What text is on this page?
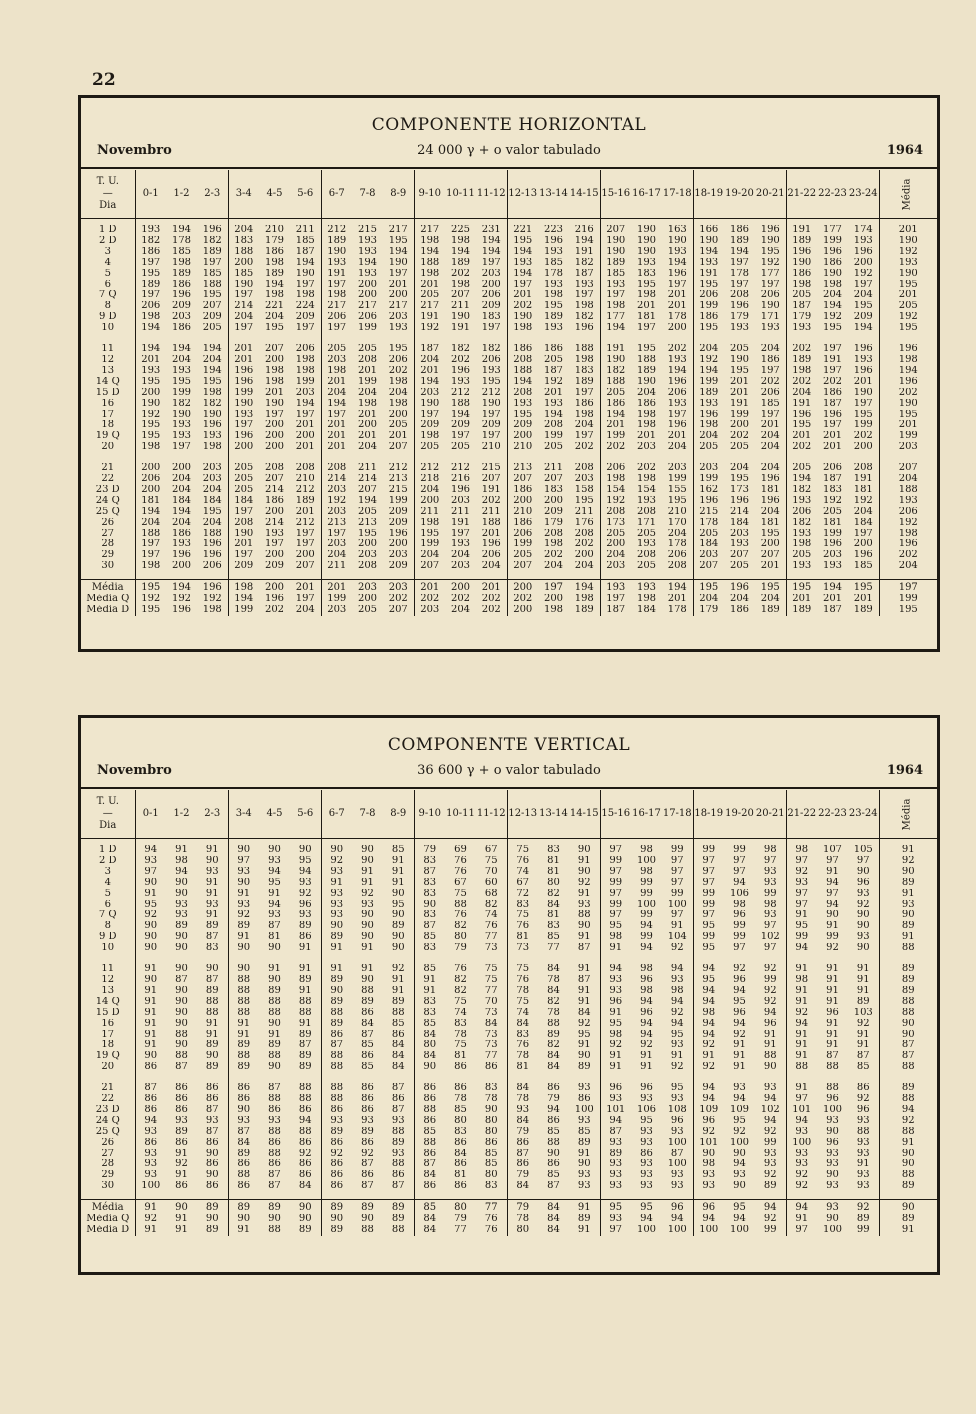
22
COMPONENTE HORIZONTAL
Novembro	24 000 γ + o valor tabulado	1964
T. U.
—
Dia	0-1	1-2	2-3	3-4	4-5	5-6	6-7	7-8	8-9	9-10	10-11	11-12	12-13	13-14	14-15	15-16	16-17	17-18	18-19	19-20	20-21	21-22	22-23	23-24	Média

1 D	193	194	196	204	210	211	212	215	217	217	225	231	221	223	216	207	190	163	166	186	196	191	177	174	201
2 D	182	178	182	183	179	185	189	193	195	198	198	194	195	196	194	190	190	190	190	189	190	189	199	193	190
3	186	185	189	188	186	187	190	193	194	194	194	194	194	193	191	190	190	193	194	194	195	196	196	196	192
4	197	198	197	200	198	194	193	194	190	188	189	197	193	185	182	189	193	194	193	197	192	190	186	200	193
5	195	189	185	185	189	190	191	193	197	198	202	203	194	178	187	185	183	196	191	178	177	186	190	192	190
6	189	186	188	190	194	197	197	200	201	201	198	200	197	193	193	193	195	197	195	197	197	198	198	197	195
7 Q	197	196	195	197	198	198	198	200	200	205	207	206	201	198	197	197	198	201	206	208	206	205	204	204	201
8	206	209	207	214	221	224	217	217	217	217	211	209	202	195	198	198	201	201	199	196	190	187	194	195	205
9 D	198	203	209	204	204	209	206	206	203	191	190	183	190	189	182	177	181	178	186	179	171	179	192	209	192
10	194	186	205	197	195	197	197	199	193	192	191	197	198	193	196	194	197	200	195	193	193	193	195	194	195

11	194	194	194	201	207	206	205	205	195	187	182	182	186	186	188	191	195	202	204	205	204	202	197	196	196
12	201	204	204	201	200	198	203	208	206	204	202	206	208	205	198	190	188	193	192	190	186	189	191	193	198
13	193	193	194	196	198	198	198	201	202	201	196	193	188	187	183	182	189	194	194	195	197	198	197	196	194
14 Q	195	195	195	196	198	199	201	199	198	194	193	195	194	192	189	188	190	196	199	201	202	202	202	201	196
15 D	200	199	198	199	201	203	204	204	204	203	212	212	208	201	197	205	204	206	189	201	206	204	186	190	202
16	190	182	182	190	190	194	194	198	198	190	188	190	193	193	186	186	186	193	193	191	185	191	187	197	190
17	192	190	190	193	197	197	197	201	200	197	194	197	195	194	198	194	198	197	196	199	197	196	196	195	195
18	195	193	196	197	200	201	201	200	205	209	209	209	209	208	204	201	198	196	198	200	201	195	197	199	201
19 Q	195	193	193	196	200	200	201	201	201	198	197	197	200	199	197	199	201	201	204	202	204	201	201	202	199
20	198	197	198	200	200	201	201	204	207	205	205	210	210	205	202	202	203	204	205	205	204	202	201	200	203

21	200	200	203	205	208	208	208	211	212	212	212	215	213	211	208	206	202	203	203	204	204	205	206	208	207
22	206	204	203	205	207	210	214	214	213	218	216	207	207	207	203	198	198	199	199	195	196	194	187	191	204
23 D	200	204	204	205	214	212	203	207	215	204	196	191	186	183	158	154	154	155	162	173	181	182	183	181	188
24 Q	181	184	184	184	186	189	192	194	199	200	203	202	200	200	195	192	193	195	196	196	196	193	192	192	193
25 Q	194	194	195	197	200	201	203	205	209	211	211	211	210	209	211	208	208	210	215	214	204	206	205	204	206
26	204	204	204	208	214	212	213	213	209	198	191	188	186	179	176	173	171	170	178	184	181	182	181	184	192
27	188	186	188	190	193	197	197	195	196	195	197	201	206	208	208	205	205	204	205	203	195	193	199	197	198
28	197	193	196	201	197	197	203	200	200	199	193	196	199	198	202	200	193	178	184	193	200	198	196	200	196
29	197	196	196	197	200	200	204	203	203	204	204	206	205	202	200	204	208	206	203	207	207	205	203	196	202
30	198	200	206	209	209	207	211	208	209	207	203	204	207	204	204	203	205	208	207	205	201	193	193	185	204

Média	195	194	196	198	200	201	201	203	203	201	200	201	200	197	194	193	193	194	195	196	195	195	194	195	197
Média Q	192	192	192	194	196	197	199	200	202	202	202	202	202	200	198	197	198	201	204	204	204	201	201	201	199
Média D	195	196	198	199	202	204	203	205	207	203	204	202	200	198	189	187	184	178	179	186	189	189	187	189	195
COMPONENTE VERTICAL
Novembro	36 600 γ + o valor tabulado	1964
T. U.
—
Dia	0-1	1-2	2-3	3-4	4-5	5-6	6-7	7-8	8-9	9-10	10-11	11-12	12-13	13-14	14-15	15-16	16-17	17-18	18-19	19-20	20-21	21-22	22-23	23-24	Média

1 D	94	91	91	90	90	90	90	90	85	79	69	67	75	83	90	97	98	99	99	99	98	98	107	105	91
2 D	93	98	90	97	93	95	92	90	91	83	76	75	76	81	91	99	100	97	97	97	97	97	97	97	92
3	97	94	93	93	94	94	93	91	91	87	76	70	74	81	90	97	98	97	97	97	93	92	91	90	90
4	90	90	91	90	95	93	91	91	91	83	67	60	67	80	92	99	99	97	97	94	93	93	94	96	89
5	91	90	91	91	91	92	93	92	90	83	75	68	72	82	91	97	99	99	99	106	99	97	97	93	91
6	95	93	93	93	94	96	93	93	95	90	88	82	83	84	93	99	100	100	99	98	98	97	94	92	93
7 Q	92	93	91	92	93	93	93	90	90	83	76	74	75	81	88	97	99	97	97	96	93	91	90	90	90
8	90	89	89	89	87	89	90	90	89	87	82	76	76	83	90	95	94	91	95	99	97	95	91	90	89
9 D	90	90	87	91	81	86	89	90	90	85	80	77	81	85	91	98	99	104	99	99	102	99	99	93	91
10	90	90	83	90	90	91	91	91	90	83	79	73	73	77	87	91	94	92	95	97	97	94	92	90	88

11	91	90	90	90	91	91	91	91	92	85	76	75	75	84	91	94	98	94	94	92	92	91	91	91	89
12	90	87	87	88	90	89	89	90	91	91	82	75	76	78	87	93	96	93	95	96	99	98	91	91	89
13	91	90	89	88	89	91	90	88	91	91	82	77	78	84	91	93	98	98	94	94	92	91	91	91	89
14 Q	91	90	88	88	88	88	89	89	89	83	75	70	75	82	91	96	94	94	94	95	92	91	91	89	88
15 D	91	90	88	88	88	88	88	86	88	83	74	73	74	78	84	91	96	92	98	96	94	92	96	103	88
16	91	90	91	91	90	91	89	84	85	85	83	84	84	88	92	95	94	94	94	94	96	94	91	92	90
17	91	88	91	91	91	89	86	87	86	84	78	73	83	89	95	98	94	95	94	92	91	91	91	91	90
18	91	90	89	89	89	87	87	85	84	80	75	73	76	82	91	92	92	93	92	91	91	91	91	91	87
19 Q	90	88	90	88	88	89	88	86	84	84	81	77	78	84	90	91	91	91	91	91	88	91	87	87	87
20	86	87	89	89	90	89	88	85	84	90	86	86	81	84	89	91	91	92	92	91	90	88	88	85	88

21	87	86	86	86	87	88	88	86	87	86	86	83	84	86	93	96	96	95	94	93	93	91	88	86	89
22	86	86	86	86	88	88	88	86	86	86	78	78	78	79	86	93	93	93	94	94	94	97	96	92	88
23 D	86	86	87	90	86	86	86	86	87	88	85	90	93	94	100	101	106	108	109	109	102	101	100	96	94
24 Q	94	93	93	93	93	94	93	93	93	86	80	80	84	86	93	94	95	96	96	95	94	94	93	93	92
25 Q	93	89	87	87	88	88	89	89	88	85	83	80	79	85	85	87	93	93	92	92	92	93	90	88	88
26	86	86	86	84	86	86	86	86	89	88	86	86	86	88	89	93	93	100	101	100	99	100	96	93	91
27	93	91	90	89	88	92	92	92	93	86	84	85	87	90	91	89	86	87	90	90	93	93	93	93	90
28	93	92	86	86	86	86	86	87	88	87	86	85	86	86	90	93	93	100	98	94	93	93	93	91	90
29	93	91	90	88	87	86	86	86	86	84	81	80	79	85	93	93	93	93	93	93	92	92	90	93	88
30	100	86	86	86	87	84	86	87	87	86	86	83	84	87	93	93	93	93	93	90	89	92	93	93	89

Média	91	90	89	89	89	90	89	89	89	85	80	77	79	84	91	95	95	96	96	95	94	94	93	92	90
Média Q	92	91	90	90	90	90	90	90	89	84	79	76	78	84	89	93	94	94	94	94	92	91	90	89	89
Média D	91	91	89	91	88	89	89	88	88	84	77	76	80	84	91	97	100	100	100	100	99	97	100	99	91
